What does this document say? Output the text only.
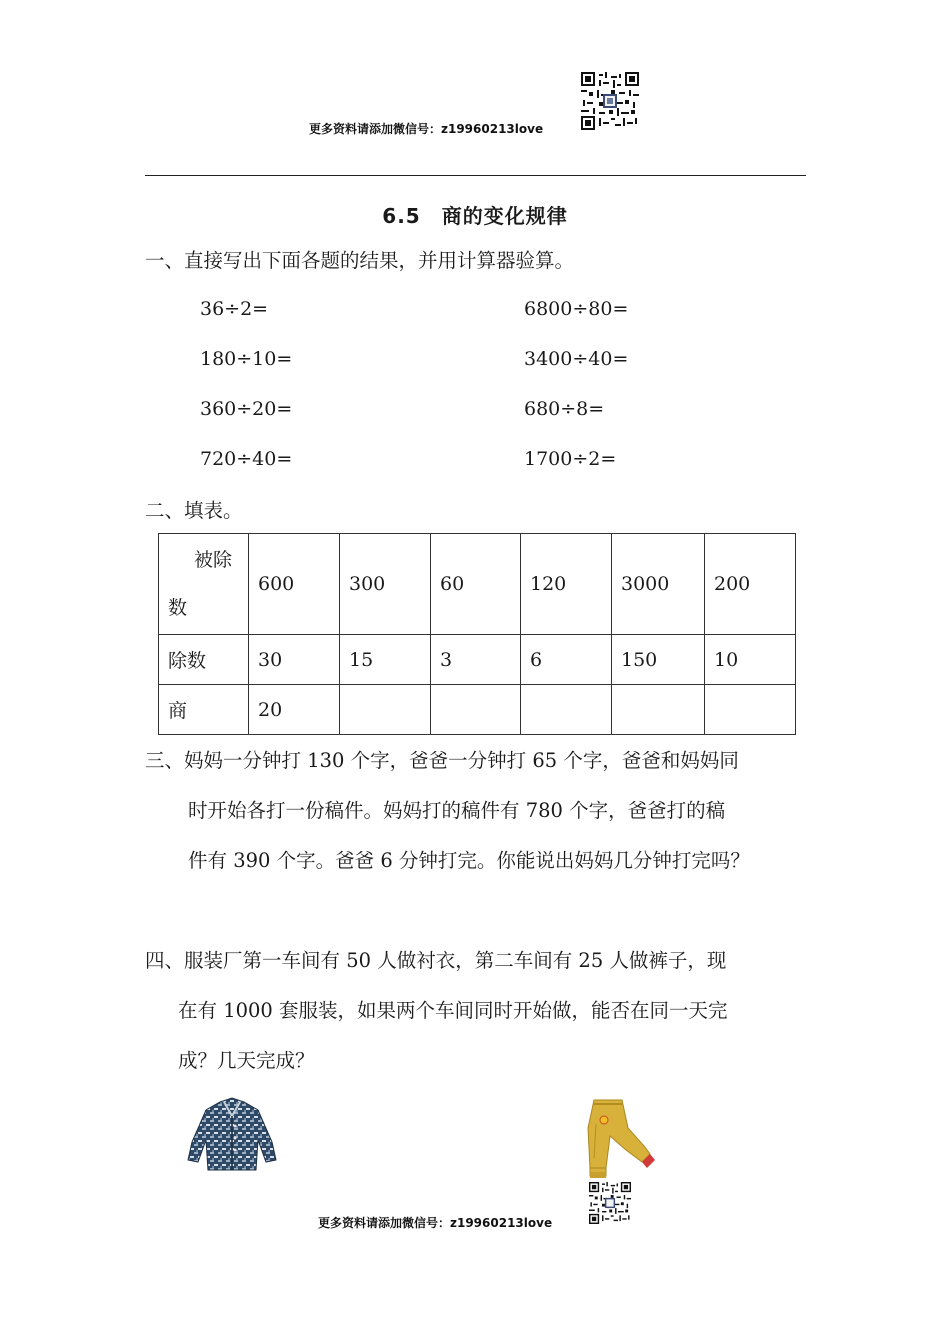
更多资料请添加微信号：z19960213love
6.5　商的变化规律
一、直接写出下面各题的结果，并用计算器验算。
36÷2=
180÷10=
360÷20=
720÷40=
6800÷80=
3400÷40=
680÷8=
1700÷2=
二、填表。
被除
数	600	300	60	120	3000	200
除数	30	15	3	6	150	10
商	20					
三、妈妈一分钟打 130 个字，爸爸一分钟打 65 个字，爸爸和妈妈同
时开始各打一份稿件。妈妈打的稿件有 780 个字，爸爸打的稿
件有 390 个字。爸爸 6 分钟打完。你能说出妈妈几分钟打完吗？
四、服装厂第一车间有 50 人做衬衣，第二车间有 25 人做裤子，现
在有 1000 套服装，如果两个车间同时开始做，能否在同一天完
成？几天完成？
更多资料请添加微信号：z19960213love
